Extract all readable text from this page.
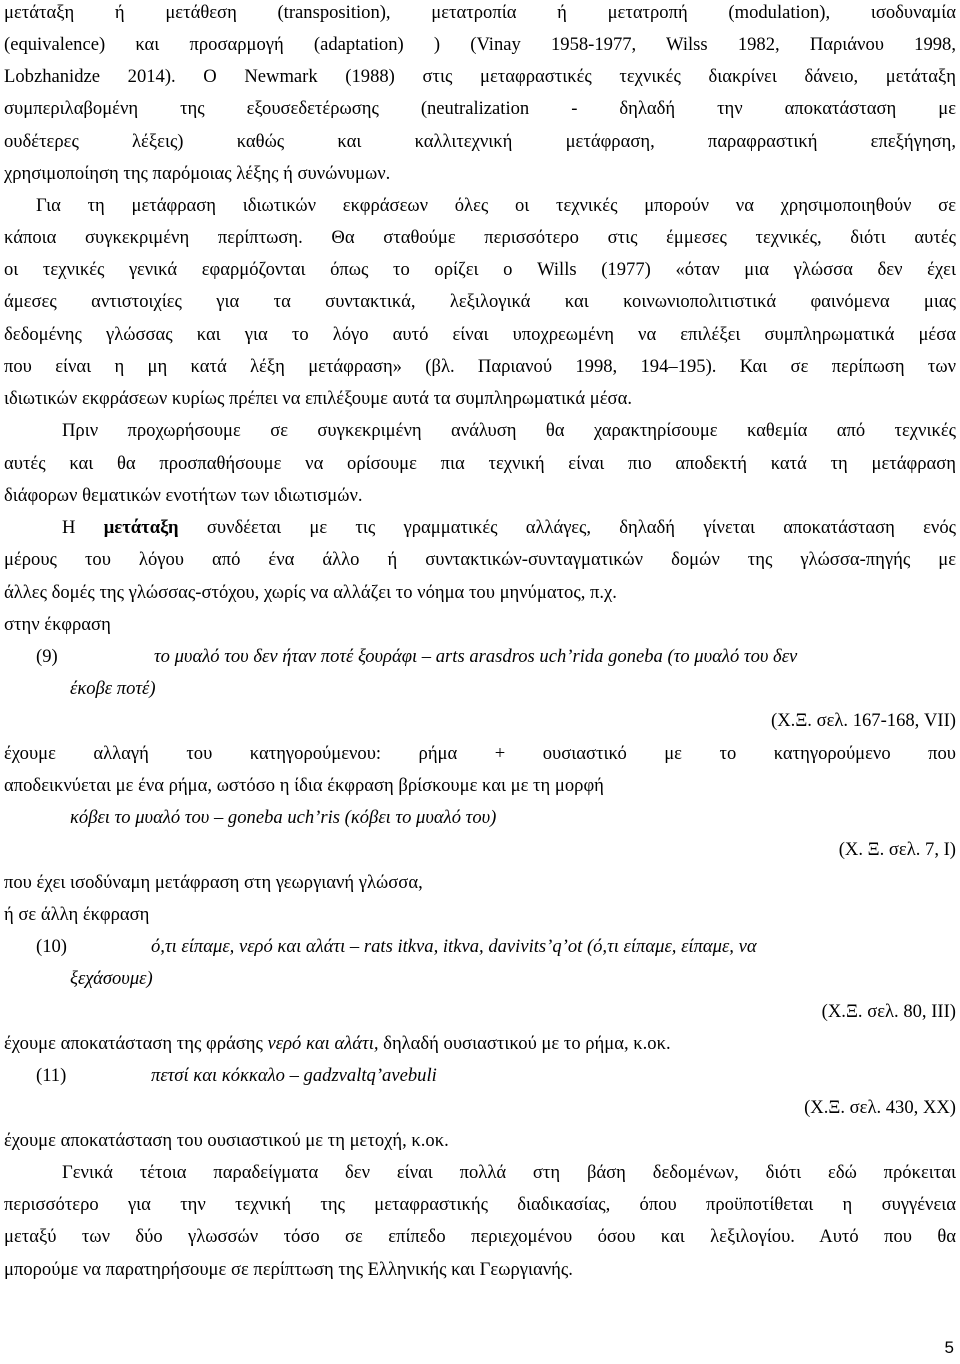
μετάταξη ή μετάθεση (transposition), μετατροπία ή μετατροπή (modulation), ισοδυναμία
(equivalence) και προσαρμογή (adaptation) ) (Vinay 1958-1977, Wilss 1982, Παριάνου 1998,
Lobzhanidze 2014). Ο Newmark (1988) στις μεταφραστικές τεχνικές διακρίνει δάνειο, μετάταξη
συμπεριλαβομένη της εξουσεδετέρωσης (neutralization - δηλαδή την αποκατάσταση με
ουδέτερες λέξεις) καθώς και καλλιτεχνική μετάφραση, παραφραστική επεξήγηση,
χρησιμοποίηση της παρόμοιας λέξης ή συνώνυμων.
Για τη μετάφραση ιδιωτικών εκφράσεων όλες οι τεχνικές μπορούν να χρησιμοποιηθούν σε
κάποια συγκεκριμένη περίπτωση. Θα σταθούμε περισσότερο στις έμμεσες τεχνικές, διότι αυτές
οι τεχνικές γενικά εφαρμόζονται όπως το ορίζει ο Wills (1977) «όταν μια γλώσσα δεν έχει
άμεσες αντιστοιχίες για τα συντακτικά, λεξιλογικά και κοινωνιοπολιτιστικά φαινόμενα μιας
δεδομένης γλώσσας και για το λόγο αυτό είναι υποχρεωμένη να επιλέξει συμπληρωματικά μέσα
που είναι η μη κατά λέξη μετάφραση» (βλ. Παριανού 1998, 194–195). Και σε περίπωση των
ιδιωτικών εκφράσεων κυρίως πρέπει να επιλέξουμε αυτά τα συμπληρωματικά μέσα.
Πριν προχωρήσουμε σε συγκεκριμένη ανάλυση θα χαρακτηρίσουμε καθεμία από τεχνικές
αυτές και θα προσπαθήσουμε να ορίσουμε πια τεχνική είναι πιο αποδεκτή κατά τη μετάφραση
διάφορων θεματικών ενοτήτων των ιδιωτισμών.
Η μετάταξη συνδέεται με τις γραμματικές αλλάγες, δηλαδή γίνεται αποκατάσταση ενός
μέρους του λόγου από ένα άλλο ή συντακτικών-συνταγματικών δομών της γλώσσα-πηγής με
άλλες δομές της γλώσσας-στόχου, χωρίς να αλλάζει το νόημα του μηνύματος, π.χ.
στην έκφραση
(9)	το μυαλό του δεν ήταν ποτέ ξουράφι – arts arasdros uch’rida goneba (το μυαλό του δεν
έκοβε ποτέ)
(Χ.Ξ. σελ. 167-168, VII)
έχουμε αλλαγή του κατηγορούμενου: ρήμα + ουσιαστικό με το κατηγορούμενο που
αποδεικνύεται με ένα ρήμα, ωστόσο η ίδια έκφραση βρίσκουμε και με τη μορφή
κόβει το μυαλό του – goneba uch’ris (κόβει το μυαλό του)
(Χ. Ξ. σελ. 7, I)
που έχει ισοδύναμη μετάφραση στη γεωργιανή γλώσσα,
ή σε άλλη έκφραση
(10)	ό,τι είπαμε, νερό και αλάτι – rats itkva, itkva, davivits’q’ot (ό,τι είπαμε, είπαμε, να
ξεχάσουμε)
(Χ.Ξ. σελ. 80, III)
έχουμε αποκατάσταση της φράσης νερό και αλάτι, δηλαδή ουσιαστικού με το ρήμα, κ.οκ.
(11)	πετσί και κόκκαλο – gadzvaltq’avebuli
(Χ.Ξ. σελ. 430, XX)
έχουμε αποκατάσταση του ουσιαστικού με τη μετοχή, κ.οκ.
Γενικά τέτοια παραδείγματα δεν είναι πολλά στη βάση δεδομένων, διότι εδώ πρόκειται
περισσότερο για την τεχνική της μεταφραστικής διαδικασίας, όπου προϋποτίθεται η συγγένεια
μεταξύ των δύο γλωσσών τόσο σε επίπεδο περιεχομένου όσου και λεξιλογίου. Αυτό που θα
μπορούμε να παρατηρήσουμε σε περίπτωση της Ελληνικής και Γεωργιανής.
5
